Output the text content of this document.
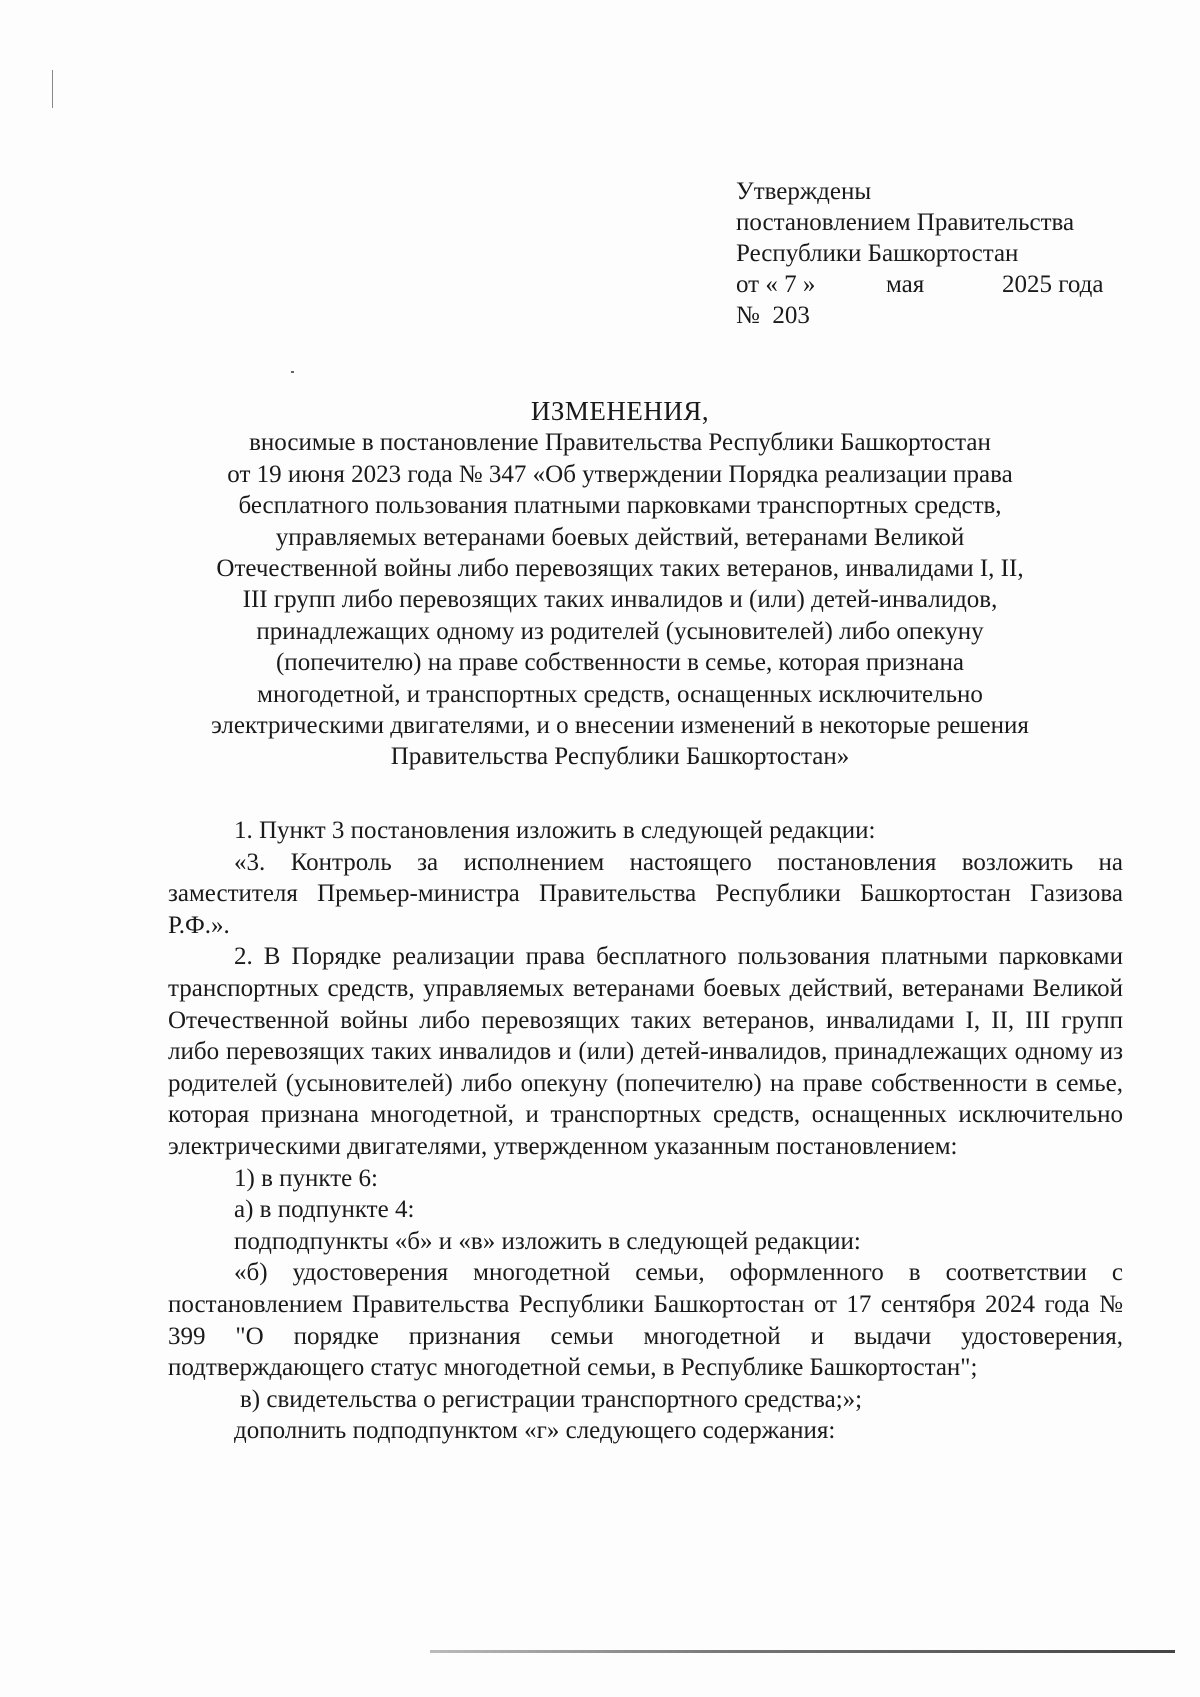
Утверждены
постановлением Правительства
Республики Башкортостан
от « 7 »	мая	2025 года
№ 203
ИЗМЕНЕНИЯ,
вносимые в постановление Правительства Республики Башкортостан
от 19 июня 2023 года № 347 «Об утверждении Порядка реализации права
бесплатного пользования платными парковками транспортных средств,
управляемых ветеранами боевых действий, ветеранами Великой
Отечественной войны либо перевозящих таких ветеранов, инвалидами I, II,
III групп либо перевозящих таких инвалидов и (или) детей-инвалидов,
принадлежащих одному из родителей (усыновителей) либо опекуну
(попечителю) на праве собственности в семье, которая признана
многодетной, и транспортных средств, оснащенных исключительно
электрическими двигателями, и о внесении изменений в некоторые решения
Правительства Республики Башкортостан»

1. Пункт 3 постановления изложить в следующей редакции:

«3. Контроль за исполнением настоящего постановления возложить на заместителя Премьер-министра Правительства Республики Башкортостан Газизова Р.Ф.».

2. В Порядке реализации права бесплатного пользования платными парковками транспортных средств, управляемых ветеранами боевых действий, ветеранами Великой Отечественной войны либо перевозящих таких ветеранов, инвалидами I, II, III групп либо перевозящих таких инвалидов и (или) детей-инвалидов, принадлежащих одному из родителей (усыновителей) либо опекуну (попечителю) на праве собственности в семье, которая признана многодетной, и транспортных средств, оснащенных исключительно электрическими двигателями, утвержденном указанным постановлением:

1) в пункте 6:

а) в подпункте 4:

подподпункты «б» и «в» изложить в следующей редакции:

«б) удостоверения многодетной семьи, оформленного в соответствии с постановлением Правительства Республики Башкортостан от 17 сентября 2024 года № 399 "О порядке признания семьи многодетной и выдачи удостоверения, подтверждающего статус многодетной семьи, в Республике Башкортостан";

в) свидетельства о регистрации транспортного средства;»;

дополнить подподпунктом «г» следующего содержания:
